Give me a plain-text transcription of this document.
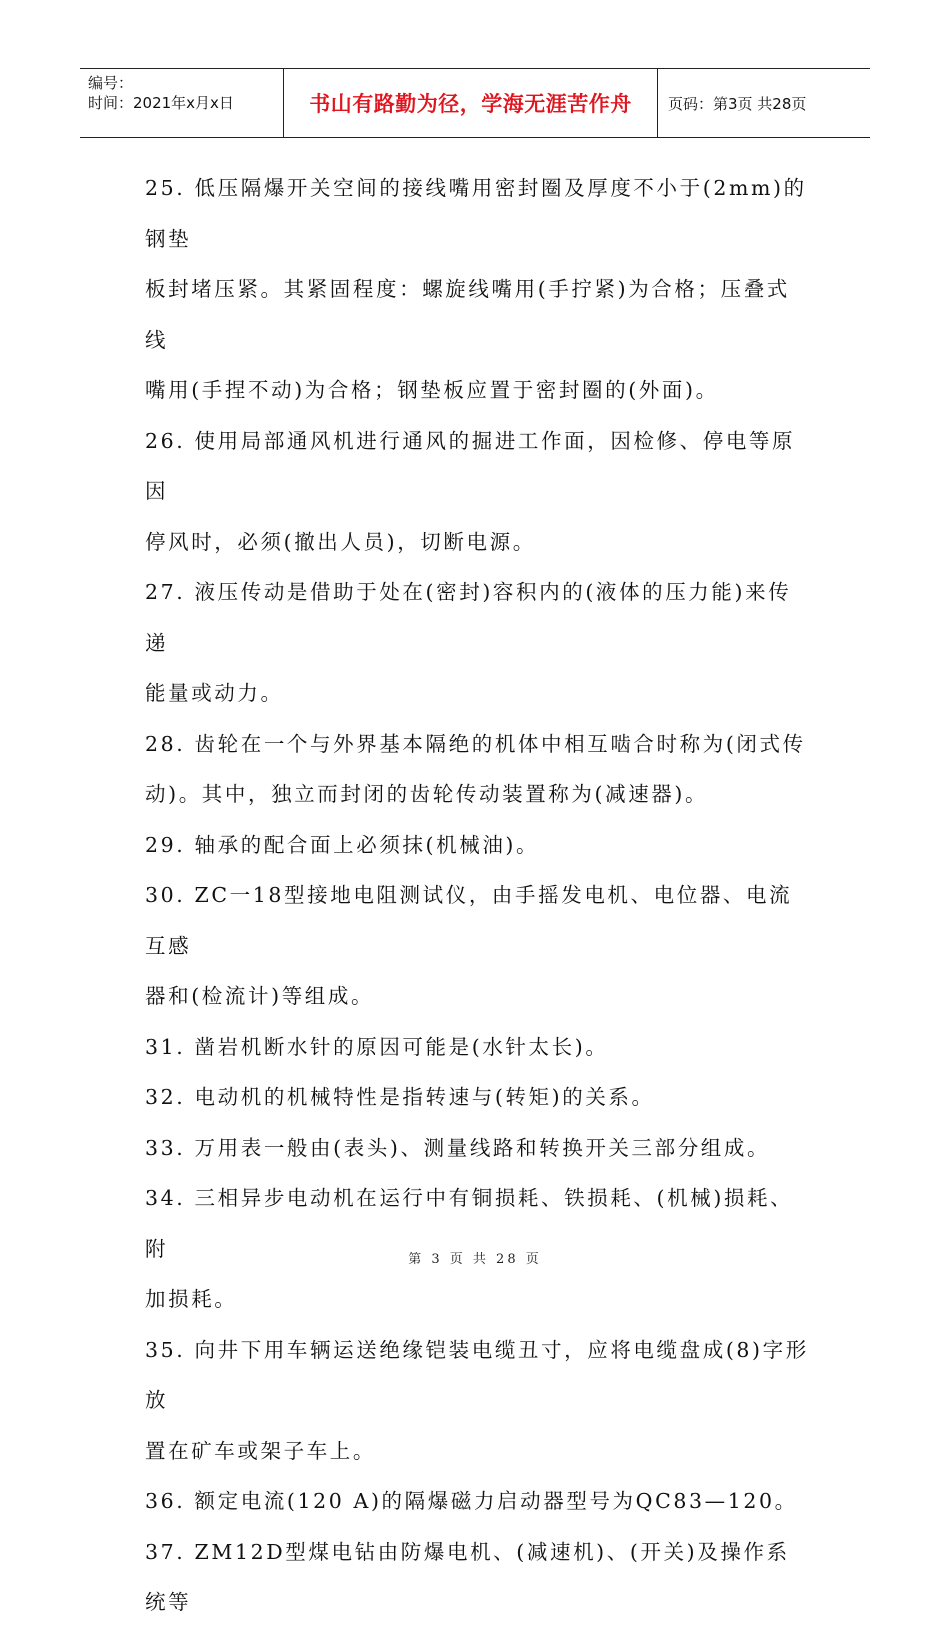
编号：
时间：2021年x月x日	书山有路勤为径，学海无涯苦作舟 页码：第3页 共28页

25. 低压隔爆开关空间的接线嘴用密封圈及厚度不小于(2mm)的钢垫

板封堵压紧。其紧固程度：螺旋线嘴用(手拧紧)为合格；压叠式线

嘴用(手捏不动)为合格；钢垫板应置于密封圈的(外面)。

26. 使用局部通风机进行通风的掘进工作面，因检修、停电等原因

停风时，必须(撤出人员)，切断电源。

27. 液压传动是借助于处在(密封)容积内的(液体的压力能)来传递

能量或动力。

28. 齿轮在一个与外界基本隔绝的机体中相互啮合时称为(闭式传

动)。其中，独立而封闭的齿轮传动装置称为(减速器)。

29. 轴承的配合面上必须抹(机械油)。

30. ZC一18型接地电阻测试仪，由手摇发电机、电位器、电流互感

器和(检流计)等组成。

31. 凿岩机断水针的原因可能是(水针太长)。

32. 电动机的机械特性是指转速与(转矩)的关系。

33. 万用表一般由(表头)、测量线路和转换开关三部分组成。

34. 三相异步电动机在运行中有铜损耗、铁损耗、(机械)损耗、附

加损耗。

35. 向井下用车辆运送绝缘铠装电缆丑寸，应将电缆盘成(8)字形放

置在矿车或架子车上。

36. 额定电流(120 A)的隔爆磁力启动器型号为QC83—120。

37. ZM12D型煤电钻由防爆电机、(减速机)、(开关)及操作系统等

第 3 页 共 28 页
